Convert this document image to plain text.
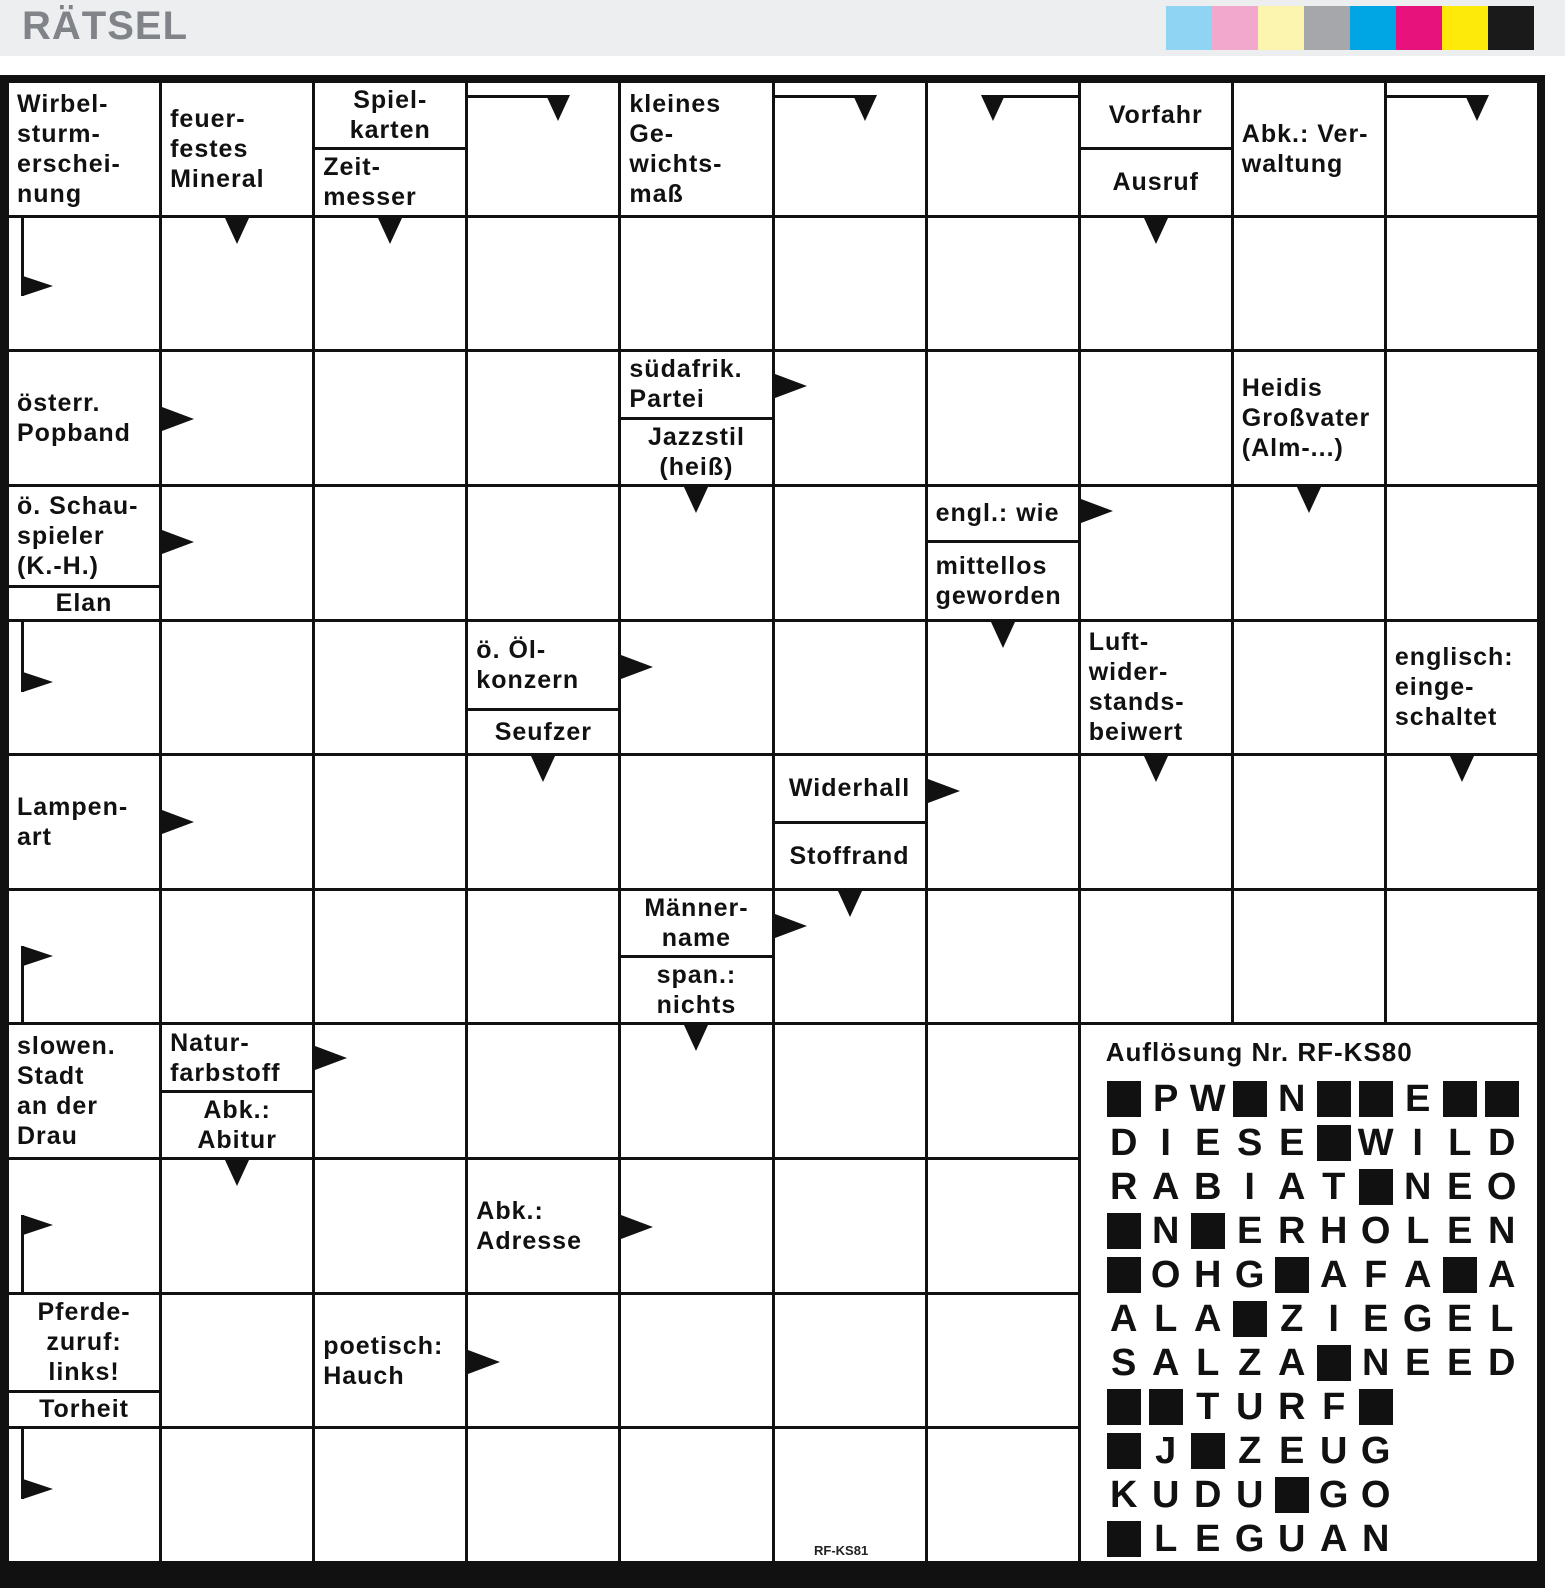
RÄTSEL
Wirbel-
sturm-
erschei-
nung
feuer-
festes
Mineral
Spiel-
karten
Zeit-
messer
kleines
Ge-
wichts-
maß
Vorfahr
Ausruf
Abk.: Ver-
waltung
österr.
Popband
südafrik.
Partei
Jazzstil
(heiß)
Heidis
Großvater
(Alm-...)
ö. Schau-
spieler
(K.-H.)
Elan
engl.: wie
mittellos
geworden
ö. Öl-
konzern
Seufzer
Luft-
wider-
stands-
beiwert
englisch:
einge-
schaltet
Lampen-
art
Widerhall
Stoffrand
Männer-
name
span.:
nichts
slowen.
Stadt
an der
Drau
Natur-
farbstoff
Abk.:
Abitur
Abk.:
Adresse
Pferde-
zuruf:
links!
Torheit
poetisch:
Hauch
Auflösung Nr. RF-KS80
P W N	E
D I E S E W I L D
R A B I A T N E O
N E R H O L E N
O H G A F A A
A L A Z I E G E L
S A L Z A N E E D
T U R F
J Z E U G
K U D U G O
L E G U A N
RF-KS81
